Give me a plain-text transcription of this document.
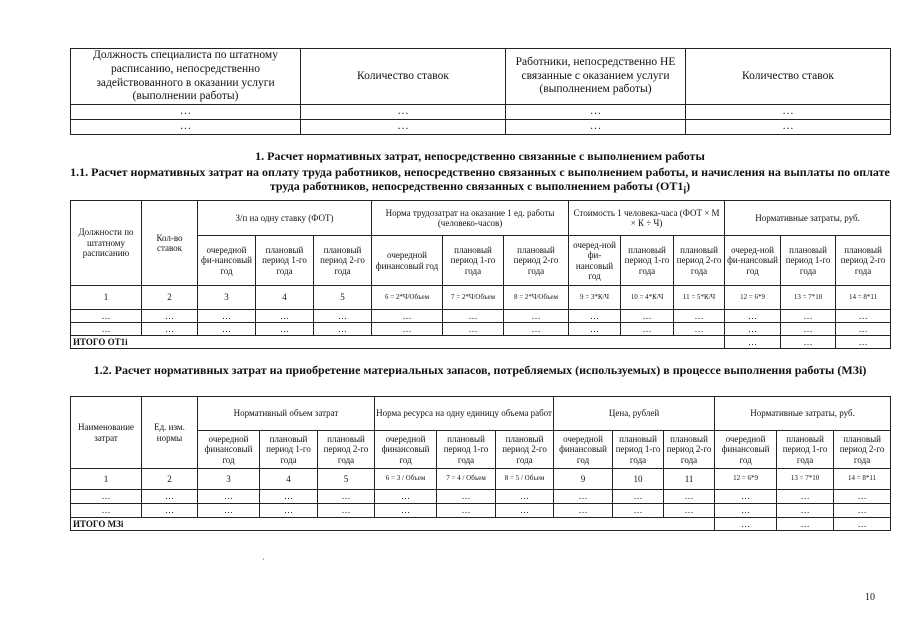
Должность специалиста по штатному расписанию, непосредственно задействованного в оказании услуги (выполнении работы)	Количество ставок	Работники, непосредственно НЕ связанные с оказанием услуги (выполнением работы)	Количество ставок
…	…	…	…
…	…	…	…
1. Расчет нормативных затрат, непосредственно связанные с выполнением работы
1.1. Расчет нормативных затрат на оплату труда работников, непосредственно связанных с выполнением работы, и начисления на выплаты по оплате труда работников, непосредственно связанных с выполнением работы $(ОТ1_i)$
Должности по штатному расписанию	Кол-во ставок	З/п на одну ставку (ФОТ)			Норма трудозатрат на оказание 1 ед. работы (человеко-часов)			Стоимость 1 человека-часа (ФОТ × М × К ÷ Ч)			Нормативные затраты, руб.		
		очередной фи-нансовый год	плановый период 1-го года	плановый период 2-го года	очередной финансовый год	плановый период 1-го года	плановый период 2-го года	очеред-ной фи-нансовый год	плановый период 1-го года	плановый период 2-го года	очеред-ной фи-нансовый год	плановый период 1-го года	плановый период 2-го года
1	2	3	4	5	6 = 2*Ч/Объем	7 = 2*Ч/Объем	8 = 2*Ч/Объем	9 = 3*К/Ч	10 = 4*К/Ч	11 = 5*К/Ч	12 = 6*9	13 = 7*10	14 = 8*11
…	…	…	…	…	…	…	…	…	…	…	…	…	…
…	…	…	…	…	…	…	…	…	…	…	…	…	…
ИТОГО ОТ1i											…	…	…
1.2. Расчет нормативных затрат на приобретение материальных запасов, потребляемых (используемых) в процессе выполнения работы (МЗi)
Наименование затрат	Ед. изм. нормы	Нормативный объем затрат			Норма ресурса на одну единицу объема работ			Цена, рублей			Нормативные затраты, руб.		
		очередной финансовый год	плановый период 1-го года	плановый период 2-го года	очередной финансовый год	плановый период 1-го года	плановый период 2-го года	очередной финансовый год	плановый период 1-го года	плановый период 2-го года	очередной финансовый год	плановый период 1-го года	плановый период 2-го года
1	2	3	4	5	6 = 3 / Объем	7 = 4 / Объем	8 = 5 / Объем	9	10	11	12 = 6*9	13 = 7*10	14 = 8*11
…	…	…	…	…	…	…	…	…	…	…	…	…	…
…	…	…	…	…	…	…	…	…	…	…	…	…	…
ИТОГО МЗi											…	…	…
·
10
